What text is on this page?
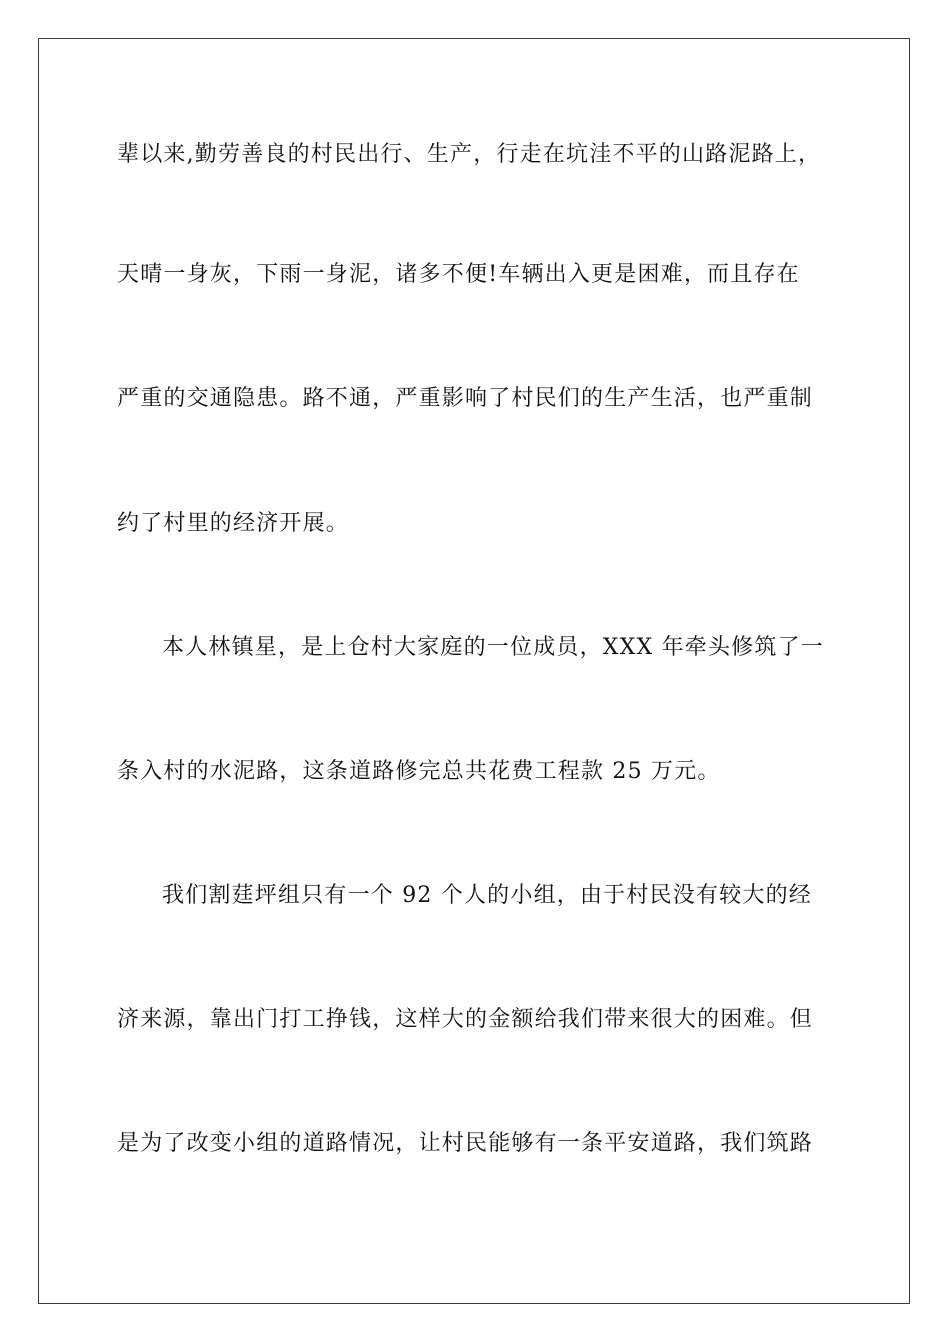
辈以来,勤劳善良的村民出行、生产，行走在坑洼不平的山路泥路上，
天晴一身灰，下雨一身泥，诸多不便!车辆出入更是困难，而且存在
严重的交通隐患。路不通，严重影响了村民们的生产生活，也严重制
约了村里的经济开展。
本人林镇星，是上仓村大家庭的一位成员，XXX 年牵头修筑了一
条入村的水泥路，这条道路修完总共花费工程款 25 万元。
我们割莛坪组只有一个 92 个人的小组，由于村民没有较大的经
济来源，靠出门打工挣钱，这样大的金额给我们带来很大的困难。但
是为了改变小组的道路情况，让村民能够有一条平安道路，我们筑路
